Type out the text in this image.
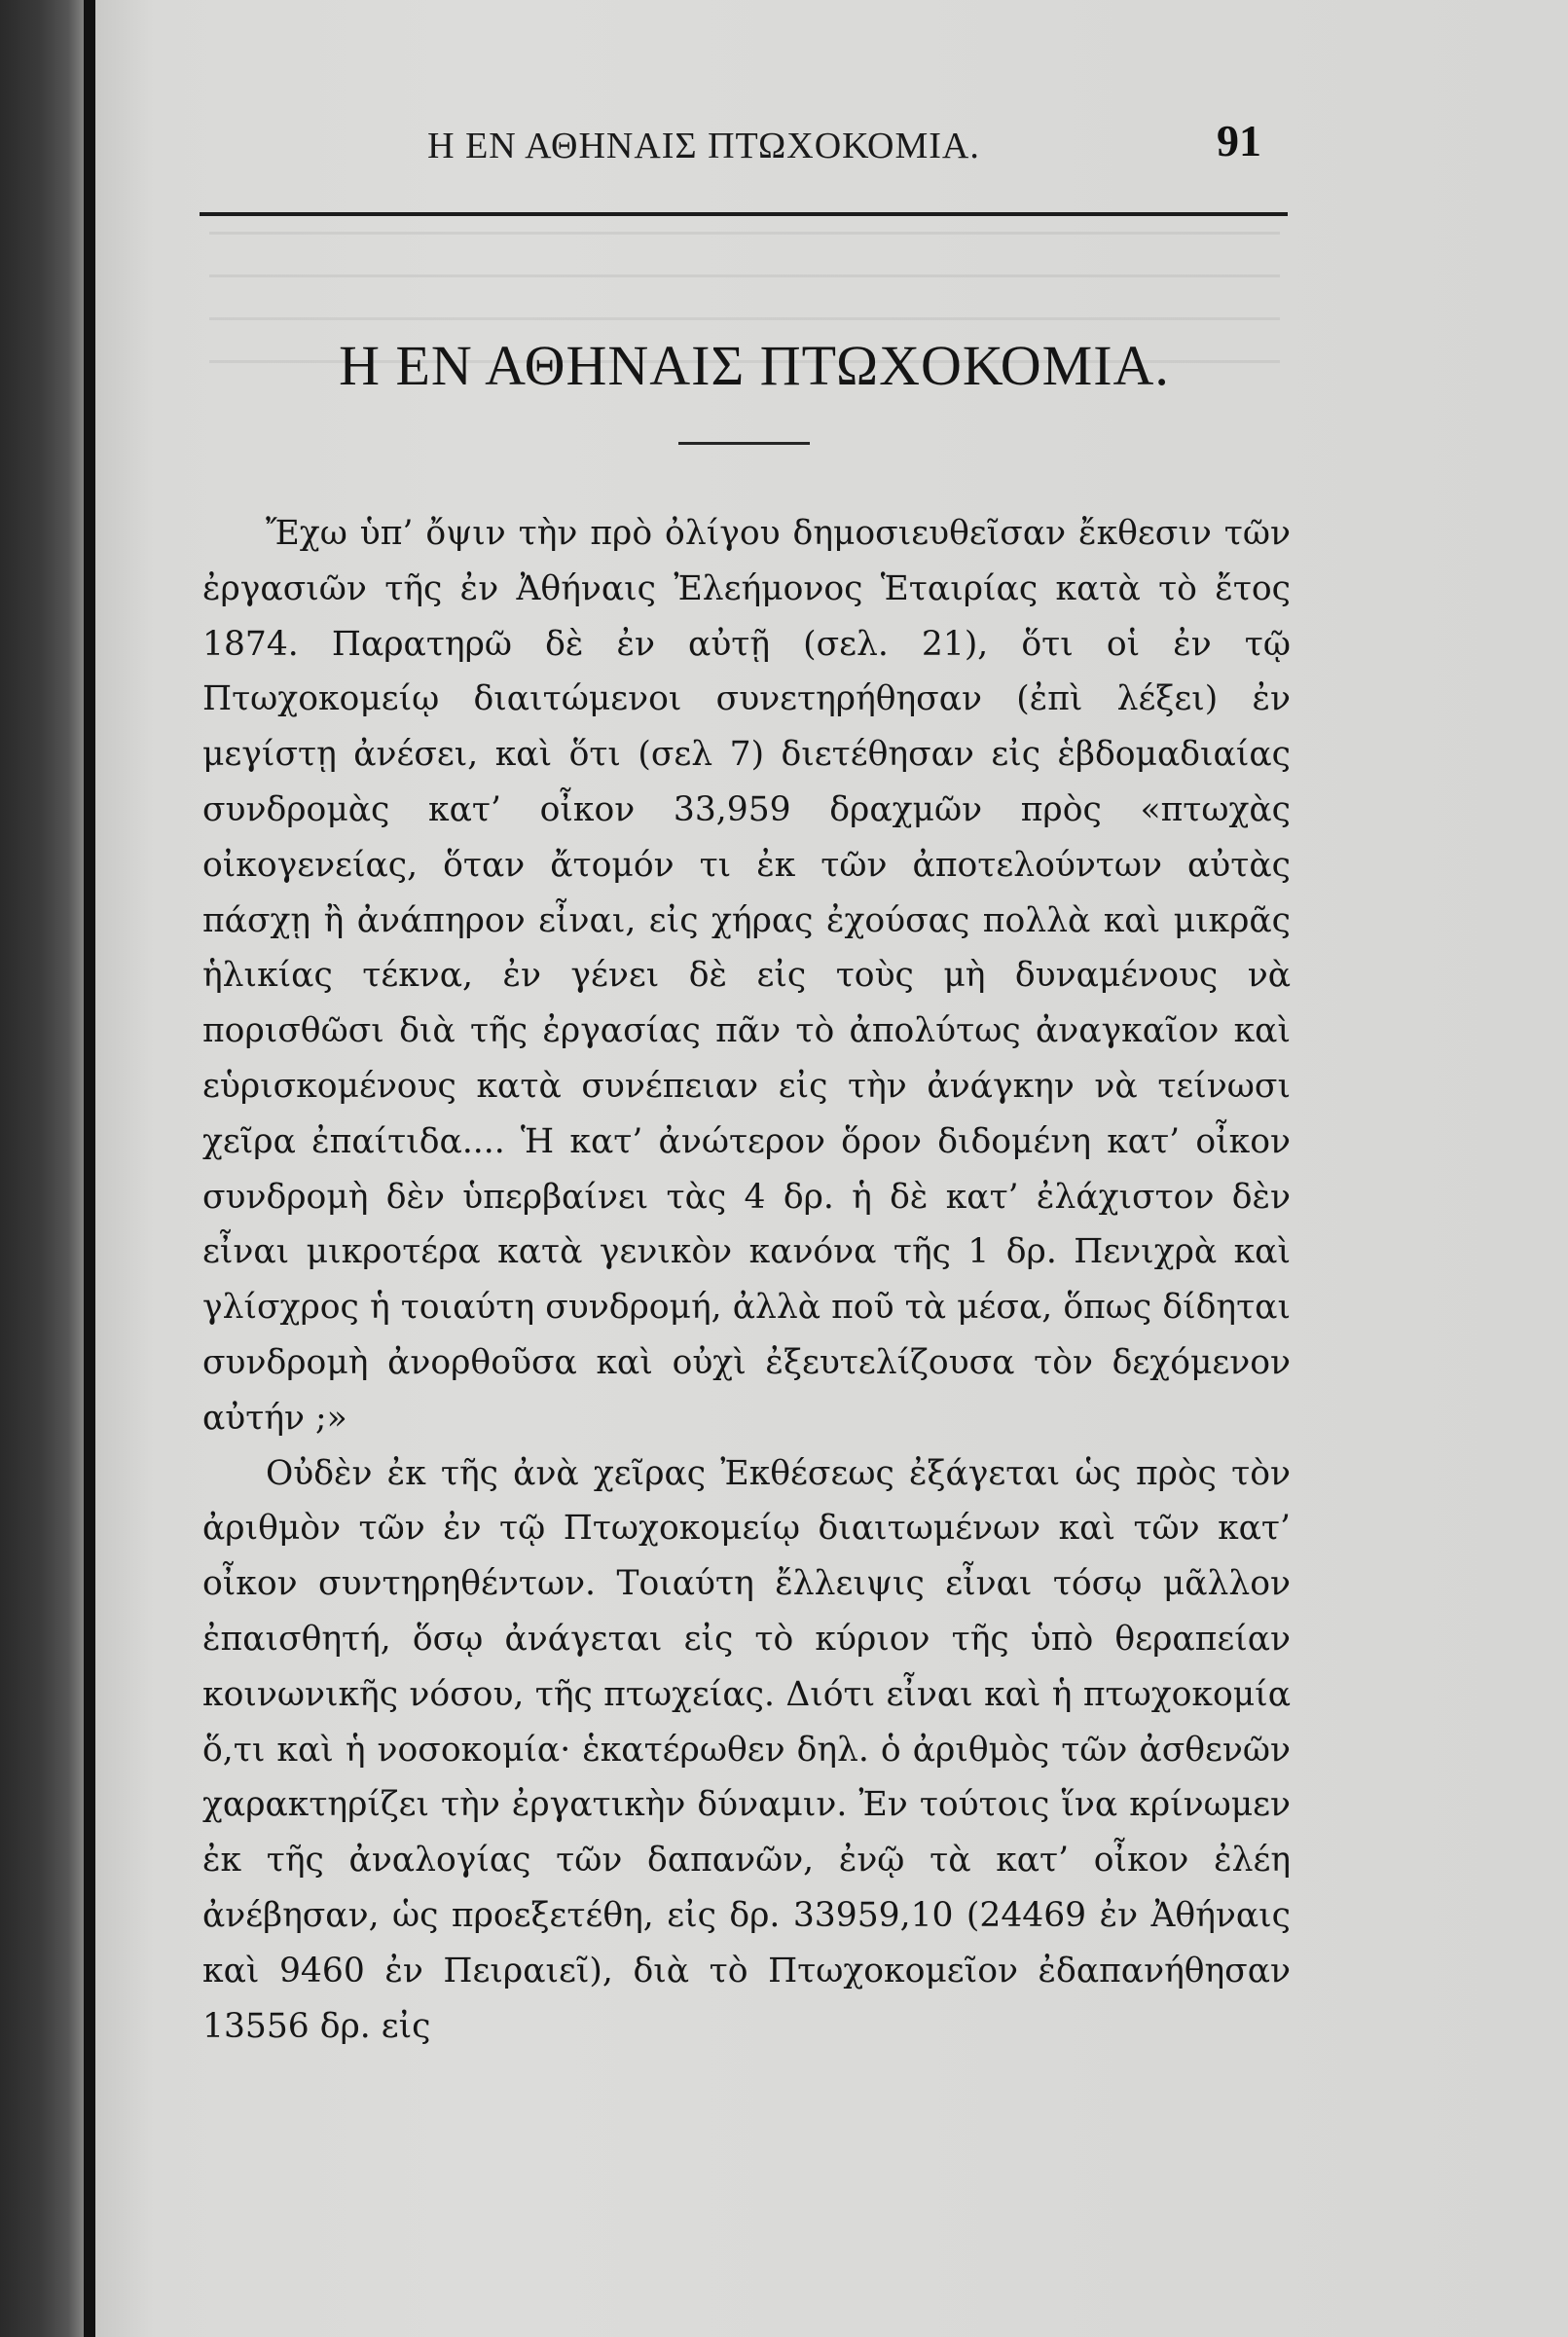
Η ΕΝ ΑΘΗΝΑΙΣ ΠΤΩΧΟΚΟΜΙΑ.	91
Η ΕΝ ΑΘΗΝΑΙΣ ΠΤΩΧΟΚΟΜΙΑ.

Ἔχω ὑπ’ ὄψιν τὴν πρὸ ὀλίγου δημοσιευθεῖσαν ἔκθεσιν τῶν ἐργασιῶν τῆς ἐν Ἀθήναις Ἐλεήμονος Ἑταιρίας κατὰ τὸ ἔτος 1874. Παρατηρῶ δὲ ἐν αὐτῇ (σελ. 21), ὅτι οἱ ἐν τῷ Πτωχοκομείῳ διαιτώμενοι συνετηρήθησαν (ἐπὶ λέξει) ἐν μεγίστῃ ἀνέσει, καὶ ὅτι (σελ 7) διετέθησαν εἰς ἑβδομαδιαίας συνδρομὰς κατ’ οἶκον 33,959 δραχμῶν πρὸς «πτωχὰς οἰκογενείας, ὅταν ἄτομόν τι ἐκ τῶν ἀποτελούντων αὐτὰς πάσχῃ ἢ ἀνάπηρον εἶναι, εἰς χήρας ἐχούσας πολλὰ καὶ μικρᾶς ἡλικίας τέκνα, ἐν γένει δὲ εἰς τοὺς μὴ δυναμένους νὰ πορισθῶσι διὰ τῆς ἐργασίας πᾶν τὸ ἀπολύτως ἀναγκαῖον καὶ εὑρισκομένους κατὰ συνέπειαν εἰς τὴν ἀνάγκην νὰ τείνωσι χεῖρα ἐπαίτιδα.... Ἡ κατ’ ἀνώτερον ὅρον διδομένη κατ’ οἶκον συνδρομὴ δὲν ὑπερβαίνει τὰς 4 δρ. ἡ δὲ κατ’ ἐλάχιστον δὲν εἶναι μικροτέρα κατὰ γενικὸν κανόνα τῆς 1 δρ. Πενιχρὰ καὶ γλίσχρος ἡ τοιαύτη συνδρομή, ἀλλὰ ποῦ τὰ μέσα, ὅπως δίδηται συνδρομὴ ἀνορθοῦσα καὶ οὐχὶ ἐξευτελίζουσα τὸν δεχόμενον αὐτήν ;»

Οὐδὲν ἐκ τῆς ἀνὰ χεῖρας Ἐκθέσεως ἐξάγεται ὡς πρὸς τὸν ἀριθμὸν τῶν ἐν τῷ Πτωχοκομείῳ διαιτωμένων καὶ τῶν κατ’ οἶκον συντηρηθέντων. Τοιαύτη ἔλλειψις εἶναι τόσῳ μᾶλλον ἐπαισθητή, ὅσῳ ἀνάγεται εἰς τὸ κύριον τῆς ὑπὸ θεραπείαν κοινωνικῆς νόσου, τῆς πτωχείας. Διότι εἶναι καὶ ἡ πτωχοκομία ὅ,τι καὶ ἡ νοσοκομία· ἑκατέρωθεν δηλ. ὁ ἀριθμὸς τῶν ἀσθενῶν χαρακτηρίζει τὴν ἐργατικὴν δύναμιν. Ἐν τούτοις ἵνα κρίνωμεν ἐκ τῆς ἀναλογίας τῶν δαπανῶν, ἐνῷ τὰ κατ’ οἶκον ἐλέη ἀνέβησαν, ὡς προεξετέθη, εἰς δρ. 33959,10 (24469 ἐν Ἀθήναις καὶ 9460 ἐν Πειραιεῖ), διὰ τὸ Πτωχοκομεῖον ἐδαπανήθησαν 13556 δρ. εἰς
